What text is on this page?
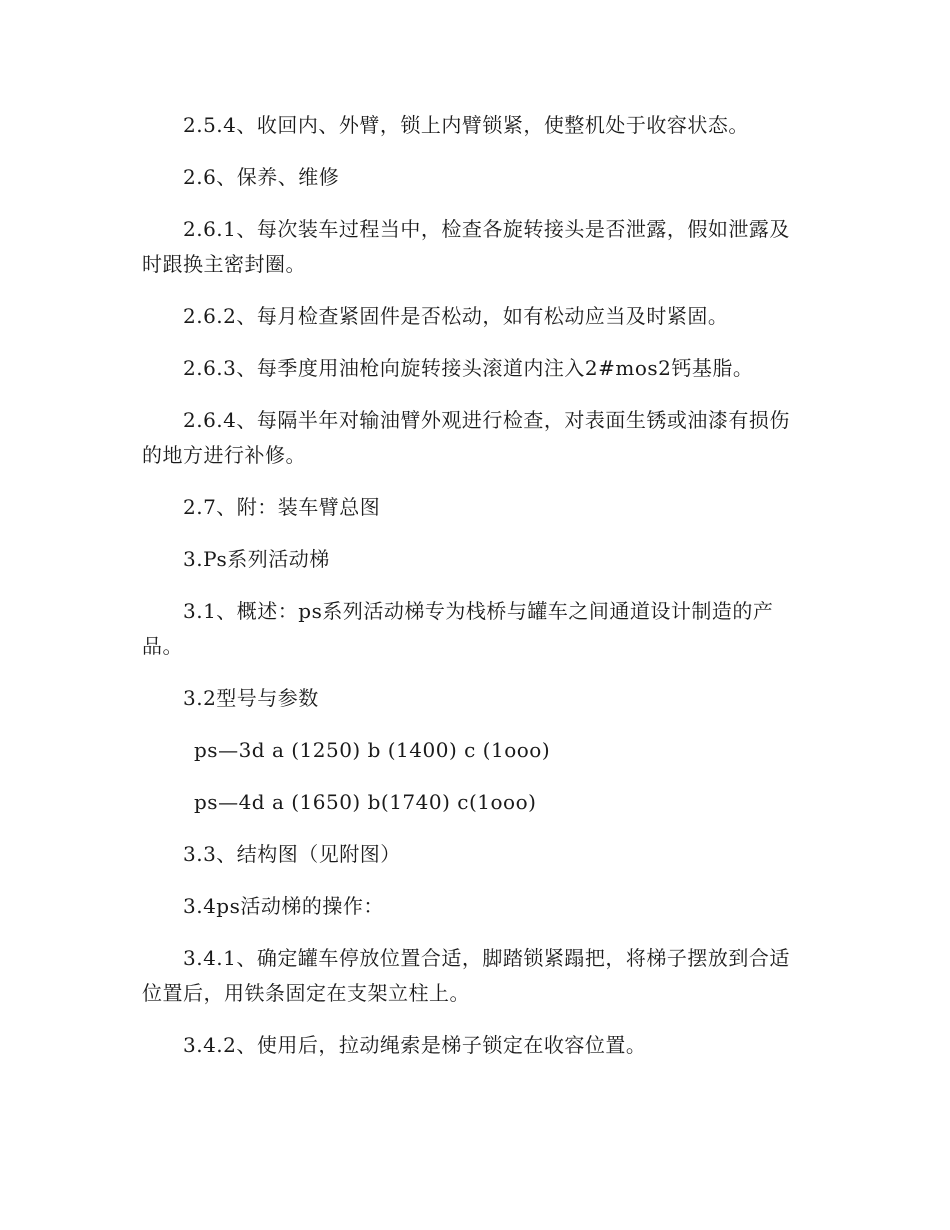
2.5.4、收回内、外臂，锁上内臂锁紧，使整机处于收容状态。

2.6、保养、维修

2.6.1、每次装车过程当中，检查各旋转接头是否泄露，假如泄露及时跟换主密封圈。

2.6.2、每月检查紧固件是否松动，如有松动应当及时紧固。

2.6.3、每季度用油枪向旋转接头滚道内注入2#mos2钙基脂。

2.6.4、每隔半年对输油臂外观进行检查，对表面生锈或油漆有损伤的地方进行补修。

2.7、附：装车臂总图

3.Ps系列活动梯

3.1、概述：ps系列活动梯专为栈桥与罐车之间通道设计制造的产品。

3.2型号与参数

ps—3d a (1250) b (1400) c (1ooo)

ps—4d a (1650) b(1740) c(1ooo)

3.3、结构图（见附图）

3.4ps活动梯的操作：

3.4.1、确定罐车停放位置合适，脚踏锁紧蹋把，将梯子摆放到合适位置后，用铁条固定在支架立柱上。

3.4.2、使用后，拉动绳索是梯子锁定在收容位置。
